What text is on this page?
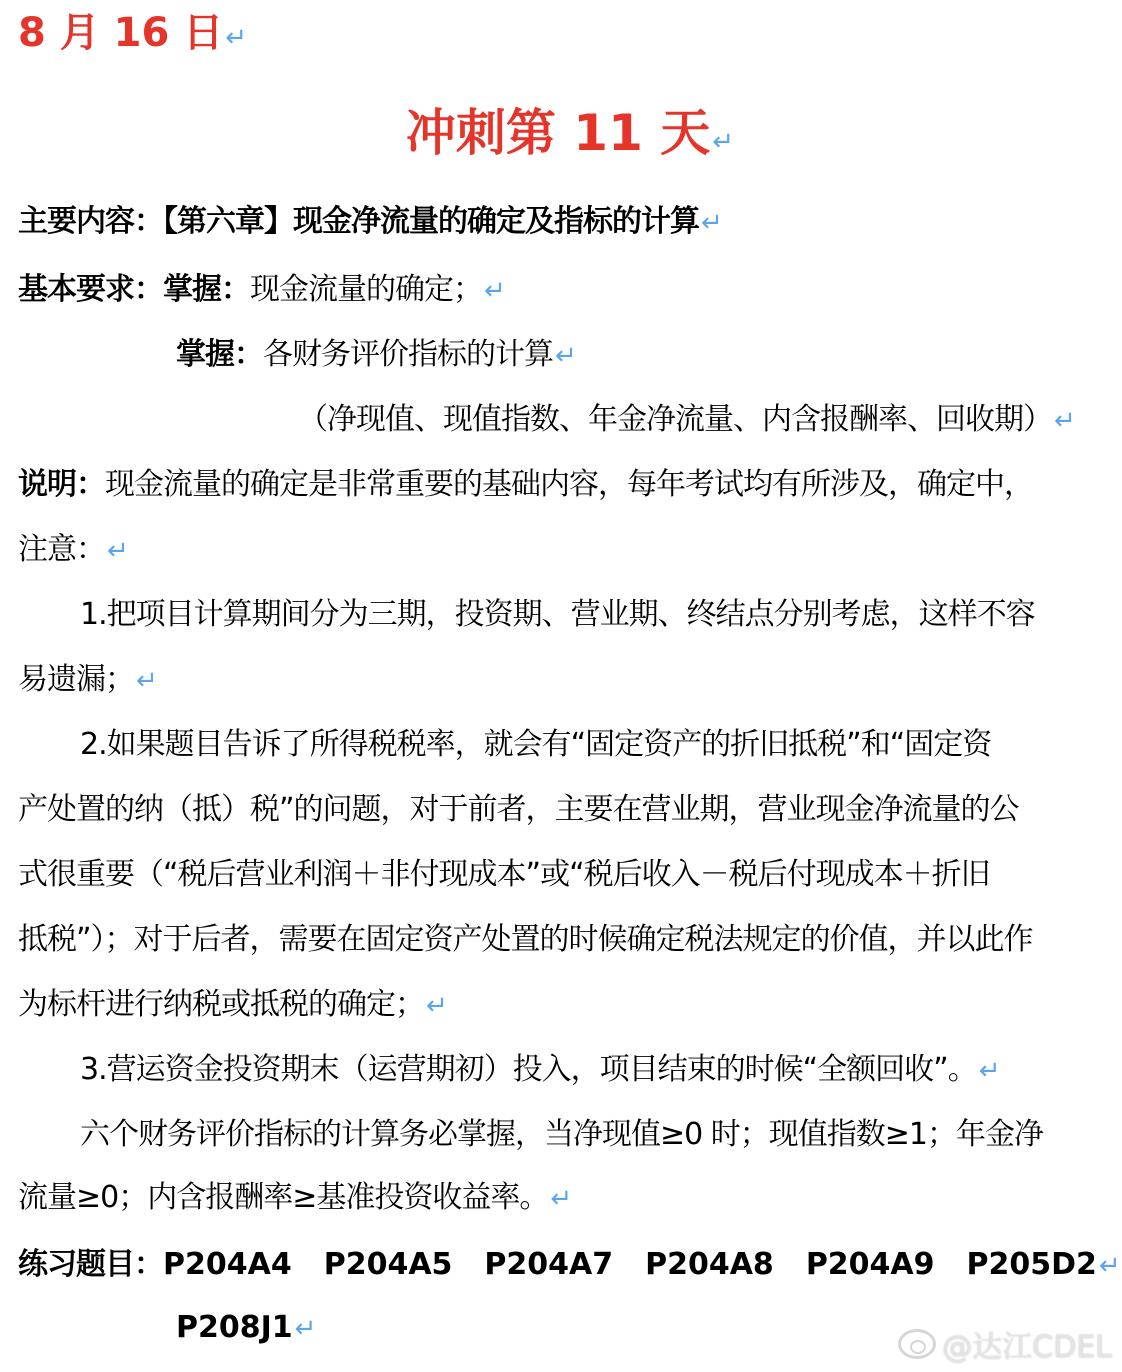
8 月 16 日↵
冲刺第 11 天↵
主要内容：【第六章】现金净流量的确定及指标的计算↵
基本要求：掌握：现金流量的确定；↵
掌握：各财务评价指标的计算↵
（净现值、现值指数、年金净流量、内含报酬率、回收期）↵
说明：现金流量的确定是非常重要的基础内容，每年考试均有所涉及，确定中，
注意：↵
1.把项目计算期间分为三期，投资期、营业期、终结点分别考虑，这样不容
易遗漏；↵
2.如果题目告诉了所得税税率，就会有“固定资产的折旧抵税”和“固定资
产处置的纳（抵）税”的问题，对于前者，主要在营业期，营业现金净流量的公
式很重要（“税后营业利润＋非付现成本”或“税后收入－税后付现成本＋折旧
抵税”）；对于后者，需要在固定资产处置的时候确定税法规定的价值，并以此作
为标杆进行纳税或抵税的确定；↵
3.营运资金投资期末（运营期初）投入，项目结束的时候“全额回收”。↵
六个财务评价指标的计算务必掌握，当净现值≥0 时；现值指数≥1；年金净
流量≥0；内含报酬率≥基准投资收益率。↵
练习题目： P204A4 P204A5 P204A7 P204A8 P204A9 P205D2 ↵
P208J1↵
@达江CDEL
